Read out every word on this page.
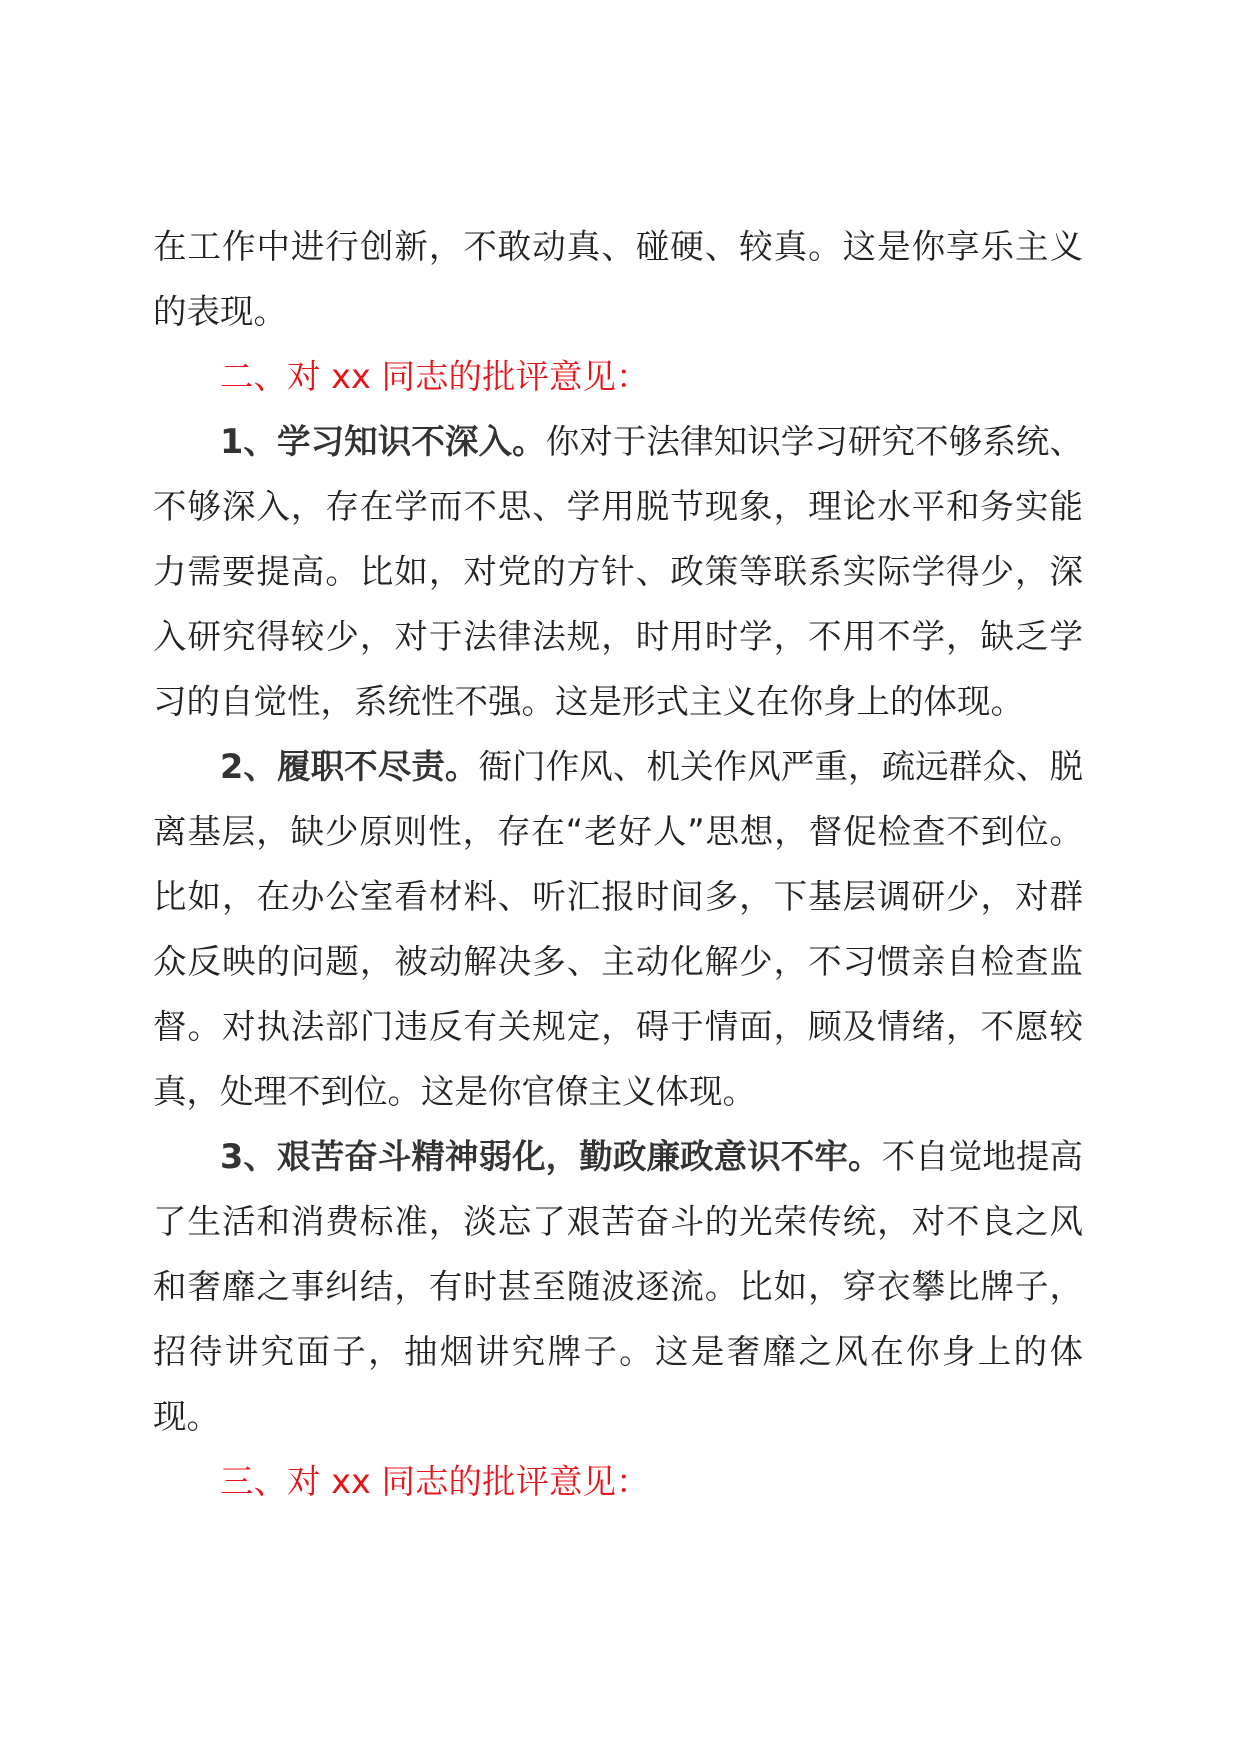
在工作中进行创新，不敢动真、碰硬、较真。这是你享乐主义的表现。

二、对 xx 同志的批评意见：

1、学习知识不深入。你对于法律知识学习研究不够系统、不够深入，存在学而不思、学用脱节现象，理论水平和务实能力需要提高。比如，对党的方针、政策等联系实际学得少，深入研究得较少，对于法律法规，时用时学，不用不学，缺乏学习的自觉性，系统性不强。这是形式主义在你身上的体现。

2、履职不尽责。衙门作风、机关作风严重，疏远群众、脱离基层，缺少原则性，存在“老好人”思想，督促检查不到位。比如，在办公室看材料、听汇报时间多，下基层调研少，对群众反映的问题，被动解决多、主动化解少，不习惯亲自检查监督。对执法部门违反有关规定，碍于情面，顾及情绪，不愿较真，处理不到位。这是你官僚主义体现。

3、艰苦奋斗精神弱化，勤政廉政意识不牢。不自觉地提高了生活和消费标准，淡忘了艰苦奋斗的光荣传统，对不良之风和奢靡之事纠结，有时甚至随波逐流。比如，穿衣攀比牌子，招待讲究面子，抽烟讲究牌子。这是奢靡之风在你身上的体现。

三、对 xx 同志的批评意见：
